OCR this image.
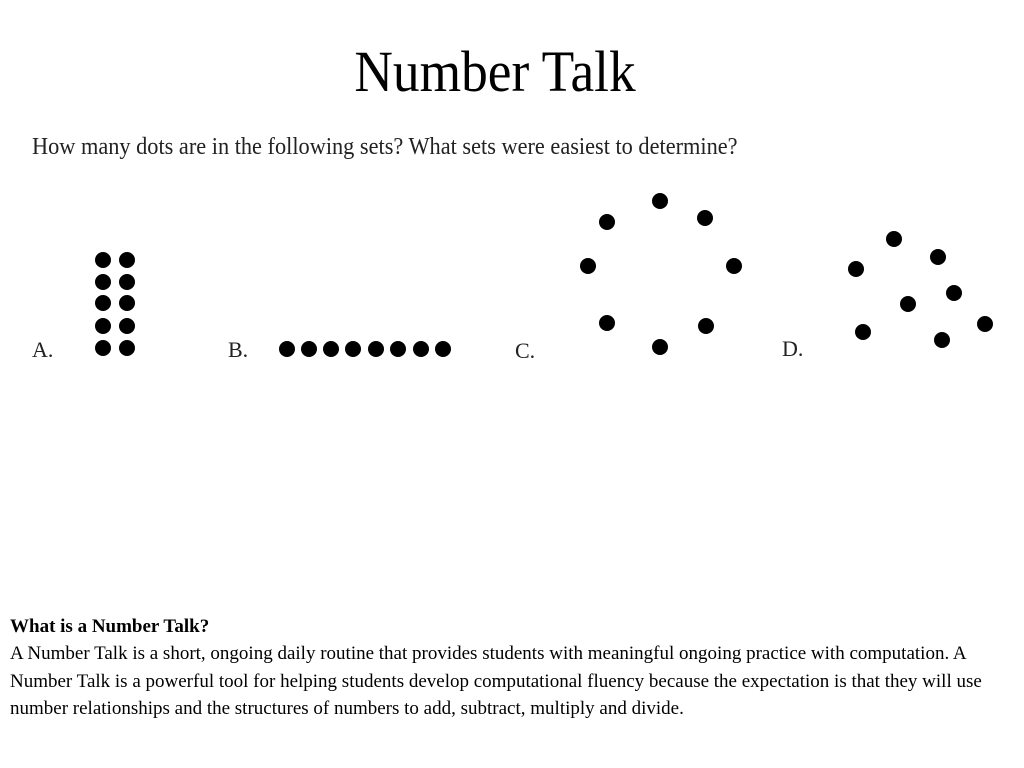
Number Talk
How many dots are in the following sets? What sets were easiest to determine?
A.	B.	C.	D.
What is a Number Talk?
A Number Talk is a short, ongoing daily routine that provides students with meaningful ongoing practice with computation. A Number Talk is a powerful tool for helping students develop computational fluency because the expectation is that they will use number relationships and the structures of numbers to add, subtract, multiply and divide.
